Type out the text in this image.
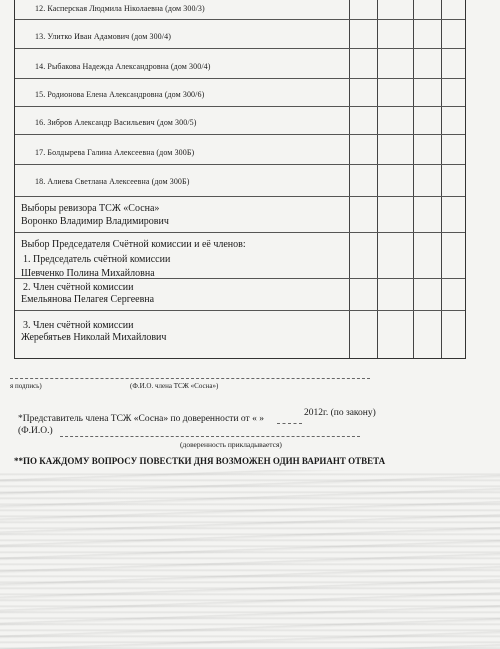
12. Касперская Людмила Ніколаевна (дом 300/3)
13. Улитко Иван Адамович (дом 300/4)
14. Рыбакова Надежда Александровна (дом 300/4)
15. Родионова Елена Александровна (дом 300/6)
16. Зибров Александр Васильевич (дом 300/5)
17. Болдырева Галина Алексеевна (дом 300Б)
18. Алиева Светлана Алексеевна (дом 300Б)
Выборы ревизора ТСЖ «Сосна»
Воронко Владимир Владимирович
Выбор Председателя Счётной комиссии и её членов:
1. Председатель счётной комиссии
Шевченко Полина Михайловна
2. Член счётной комисcии
Емельянова Пелагея Сергеевна
3. Член счётной комиссии
Жеребятьев Николай Михайлович
я подпись)	(Ф.И.О. члена ТСЖ «Сосна»)
*Представитель члена ТСЖ «Сосна» по доверенности от « »
2012г. (по закону)
(Ф.И.О.)
(доверенность прикладывается)
**ПО КАЖДОМУ ВОПРОСУ ПОВЕСТКИ ДНЯ ВОЗМОЖЕН ОДИН ВАРИАНТ ОТВЕТА
